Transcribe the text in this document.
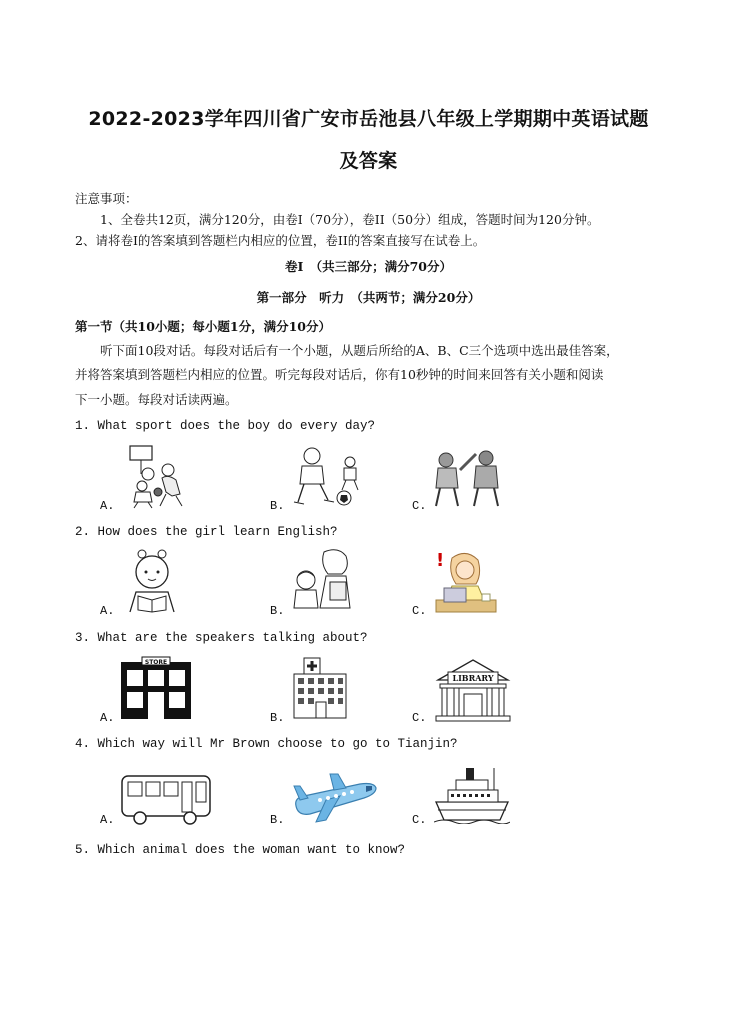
2022-2023学年四川省广安市岳池县八年级上学期期中英语试题
及答案
注意事项：
1、全卷共12页，满分120分，由卷I（70分），卷II（50分）组成，答题时间为120分钟。
2、请将卷I的答案填到答题栏内相应的位置，卷II的答案直接写在试卷上。
卷I　（共三部分；满分70分）
第一部分　听力　（共两节；满分20分）
第一节（共10小题；每小题1分，满分10分）
听下面10段对话。每段对话后有一个小题，从题后所给的A、B、C三个选项中选出最佳答案，
并将答案填到答题栏内相应的位置。听完每段对话后，你有10秒钟的时间来回答有关小题和阅读
下一小题。每段对话读两遍。
1. What sport does the boy do every day?
A.	B.	C.
2. How does the girl learn English?
A.	B.	C.
!
3. What are the speakers talking about?
A.	B.	C.
STORE
LIBRARY
4. Which way will Mr Brown choose to go to Tianjin?
A.	B.	C.
5. Which animal does the woman want to know?
